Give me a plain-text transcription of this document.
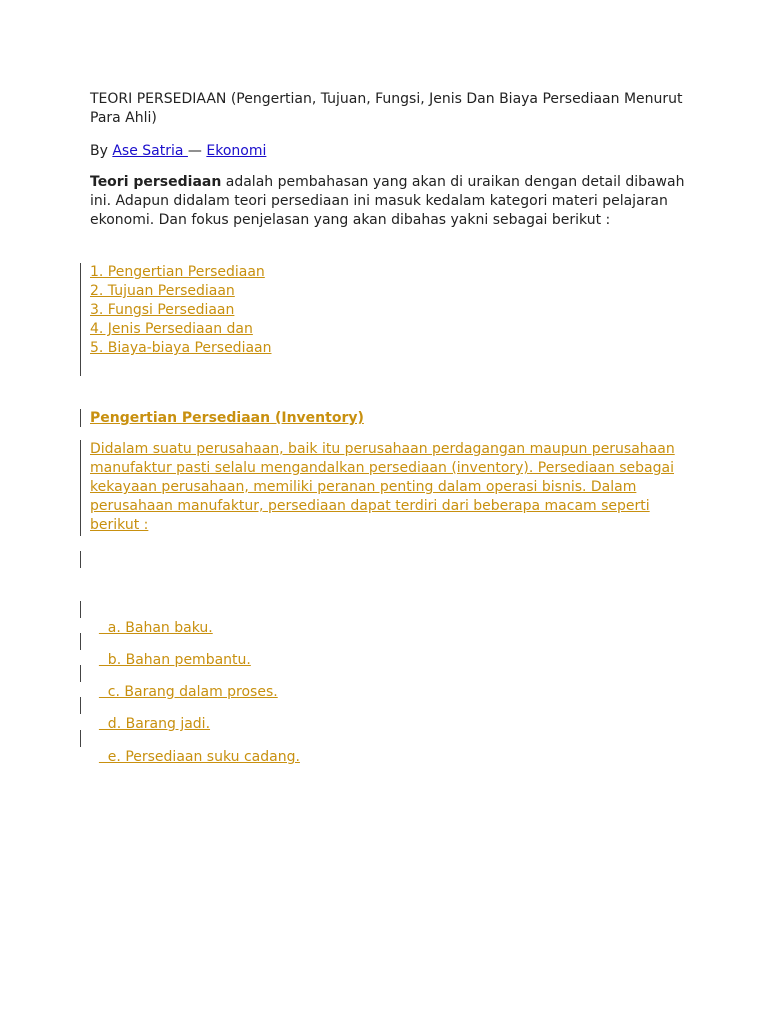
TEORI PERSEDIAAN (Pengertian, Tujuan, Fungsi, Jenis Dan Biaya Persediaan Menurut Para Ahli)

By Ase Satria — Ekonomi

Teori persediaan adalah pembahasan yang akan di uraikan dengan detail dibawah ini. Adapun didalam teori persediaan ini masuk kedalam kategori materi pelajaran ekonomi. Dan fokus penjelasan yang akan dibahas yakni sebagai berikut :

1. Pengertian Persediaan
2. Tujuan Persediaan
3. Fungsi Persediaan
4. Jenis Persediaan dan
5. Biaya-biaya Persediaan
Pengertian Persediaan (Inventory)
Didalam suatu perusahaan, baik itu perusahaan perdagangan maupun perusahaan manufaktur pasti selalu mengandalkan persediaan (inventory). Persediaan sebagai kekayaan perusahaan, memiliki peranan penting dalam operasi bisnis. Dalam perusahaan manufaktur, persediaan dapat terdiri dari beberapa macam seperti berikut :

a. Bahan baku.

b. Bahan pembantu.

c. Barang dalam proses.

d. Barang jadi.

e. Persediaan suku cadang.
